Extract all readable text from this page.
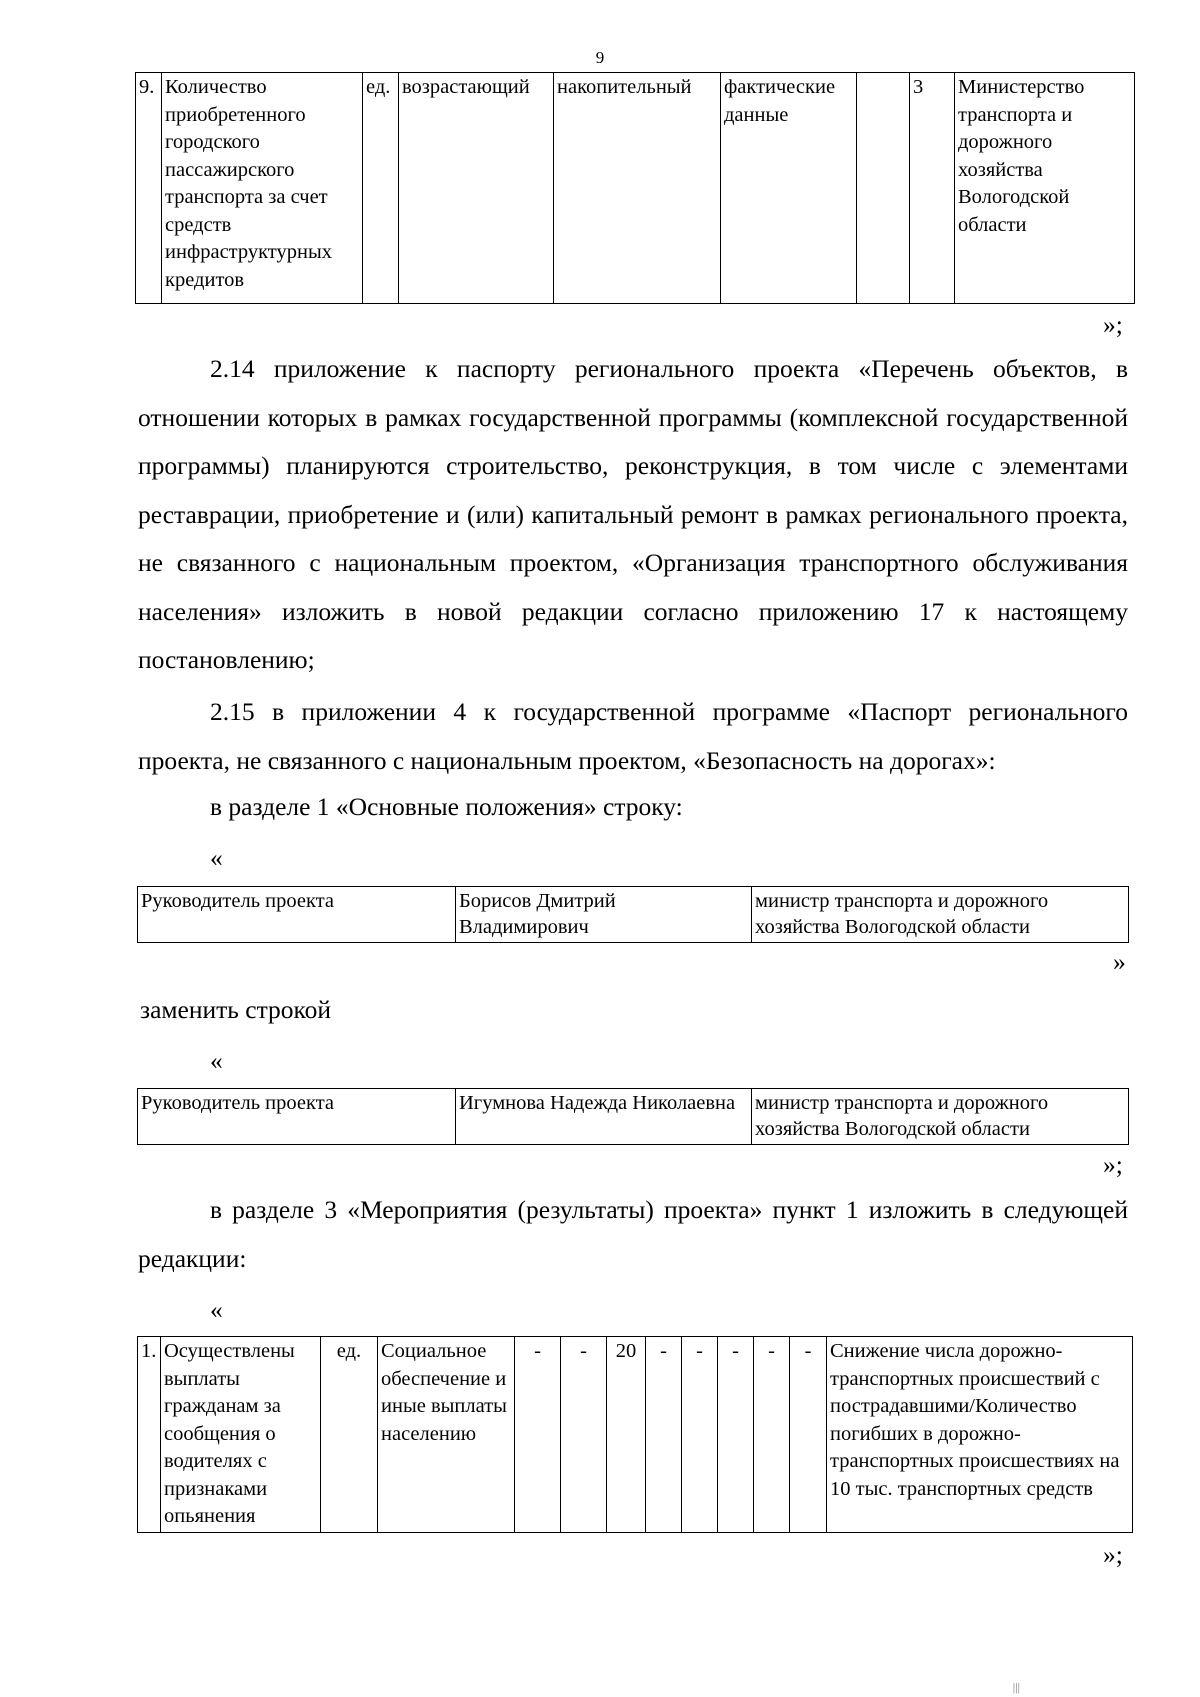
9
9.	Количество приобретенного городского пассажирского транспорта за счет средств инфраструктурных кредитов	ед.	возрастающий	накопительный	фактические данные		3	Министерство транспорта и дорожного хозяйства Вологодской области
»;
2.14 приложение к паспорту регионального проекта «Перечень объектов, в отношении которых в рамках государственной программы (комплексной государственной программы) планируются строительство, реконструкция, в том числе с элементами реставрации, приобретение и (или) капитальный ремонт в рамках регионального проекта, не связанного с национальным проектом, «Организация транспортного обслуживания населения» изложить в новой редакции согласно приложению 17 к настоящему постановлению;
2.15 в приложении 4 к государственной программе «Паспорт регионального проекта, не связанного с национальным проектом, «Безопасность на дорогах»:
в разделе 1 «Основные положения» строку:
«
Руководитель проекта	Борисов Дмитрий Владимирович	министр транспорта и дорожного хозяйства Вологодской области
»
заменить строкой
«
Руководитель проекта	Игумнова Надежда Николаевна	министр транспорта и дорожного хозяйства Вологодской области
»;
в разделе 3 «Мероприятия (результаты) проекта» пункт 1 изложить в следующей редакции:
«
1.	Осуществлены выплаты гражданам за сообщения о водителях с признаками опьянения	ед.	Социальное обеспечение и иные выплаты населению	-	-	20	-	-	-	-	-	Снижение числа дорожно-транспортных происшествий с пострадавшими/Количество погибших в дорожно-транспортных происшествиях на 10 тыс. транспортных средств
»;
|||
